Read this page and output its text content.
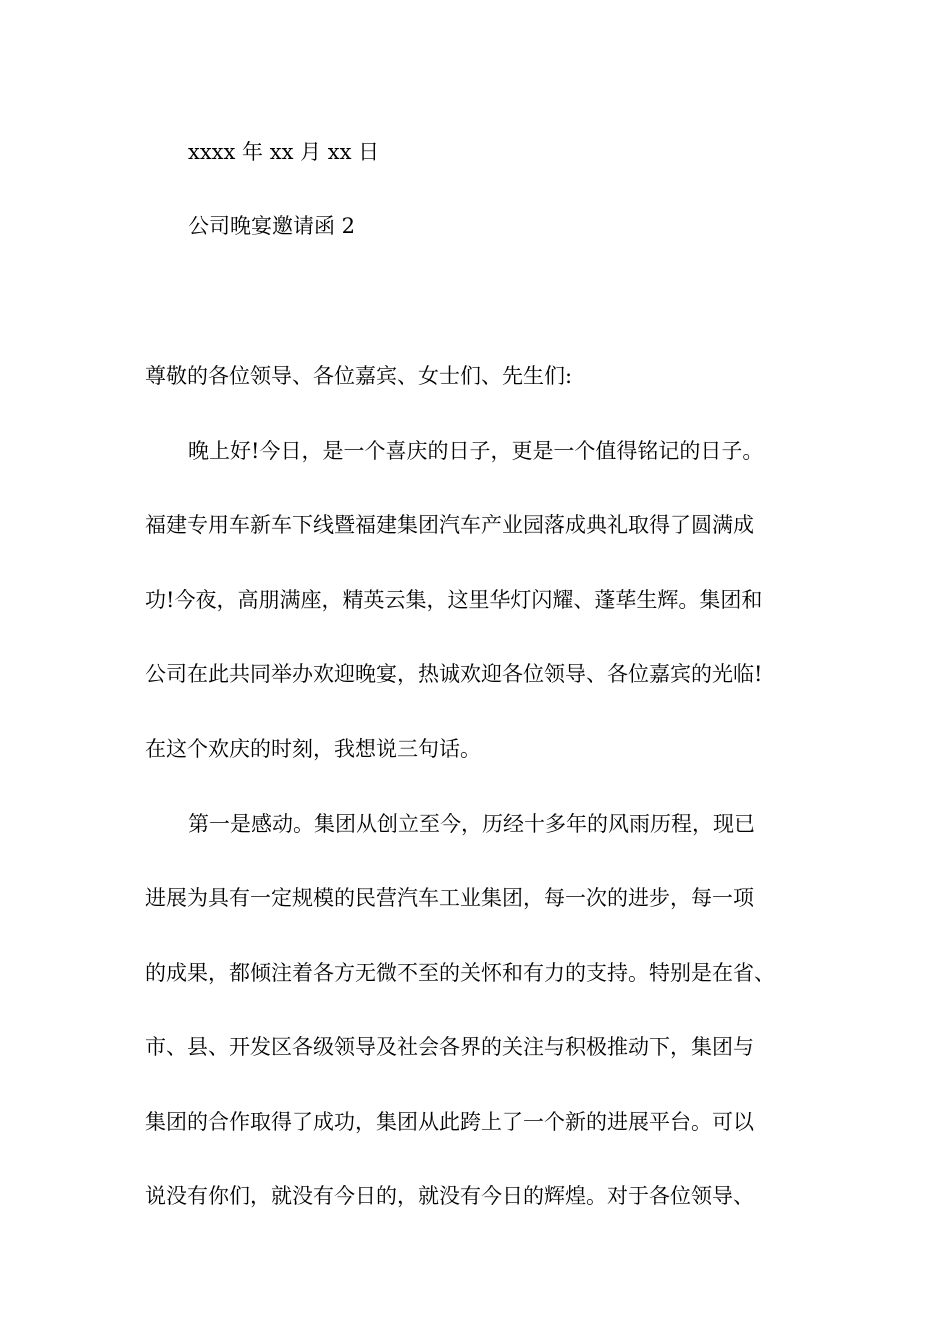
xxxx 年 xx 月 xx 日
公司晚宴邀请函 2
尊敬的各位领导、各位嘉宾、女士们、先生们:
晚上好!今日，是一个喜庆的日子，更是一个值得铭记的日子。
福建专用车新车下线暨福建集团汽车产业园落成典礼取得了圆满成
功!今夜，高朋满座，精英云集，这里华灯闪耀、蓬荜生辉。集团和
公司在此共同举办欢迎晚宴，热诚欢迎各位领导、各位嘉宾的光临!
在这个欢庆的时刻，我想说三句话。
第一是感动。集团从创立至今，历经十多年的风雨历程，现已
进展为具有一定规模的民营汽车工业集团，每一次的进步，每一项
的成果，都倾注着各方无微不至的关怀和有力的支持。特别是在省、
市、县、开发区各级领导及社会各界的关注与积极推动下，集团与
集团的合作取得了成功，集团从此跨上了一个新的进展平台。可以
说没有你们，就没有今日的，就没有今日的辉煌。对于各位领导、
